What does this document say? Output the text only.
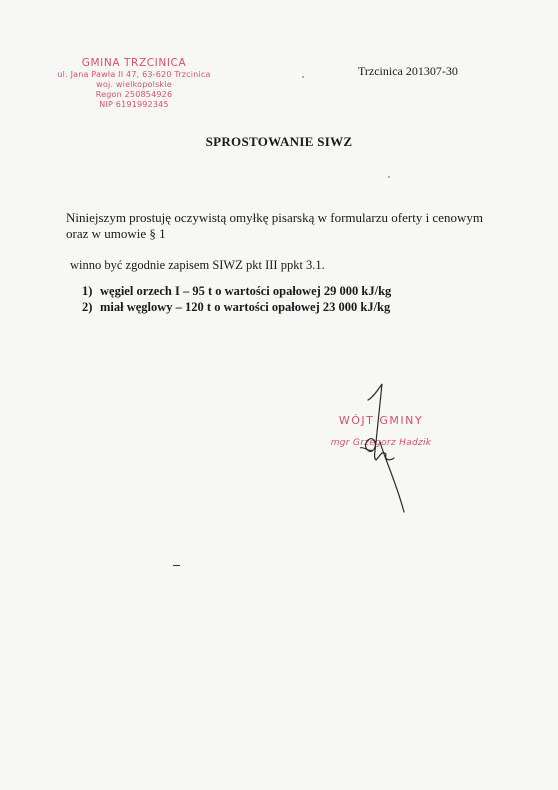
GMINA TRZCINICA
ul. Jana Pawła II 47, 63-620 Trzcinica
woj. wielkopolskie
Regon 250854926
NIP 6191992345
Trzcinica 201307-30
SPROSTOWANIE SIWZ
Niniejszym prostuję oczywistą omyłkę pisarską w formularzu oferty i cenowym oraz w umowie § 1
winno być zgodnie zapisem SIWZ pkt III ppkt 3.1.
1) węgiel orzech I – 95 t o wartości opałowej 29 000 kJ/kg
2) miał węglowy – 120 t o wartości opałowej 23 000 kJ/kg
WÓJT GMINY
mgr Grzegorz Hadzik
